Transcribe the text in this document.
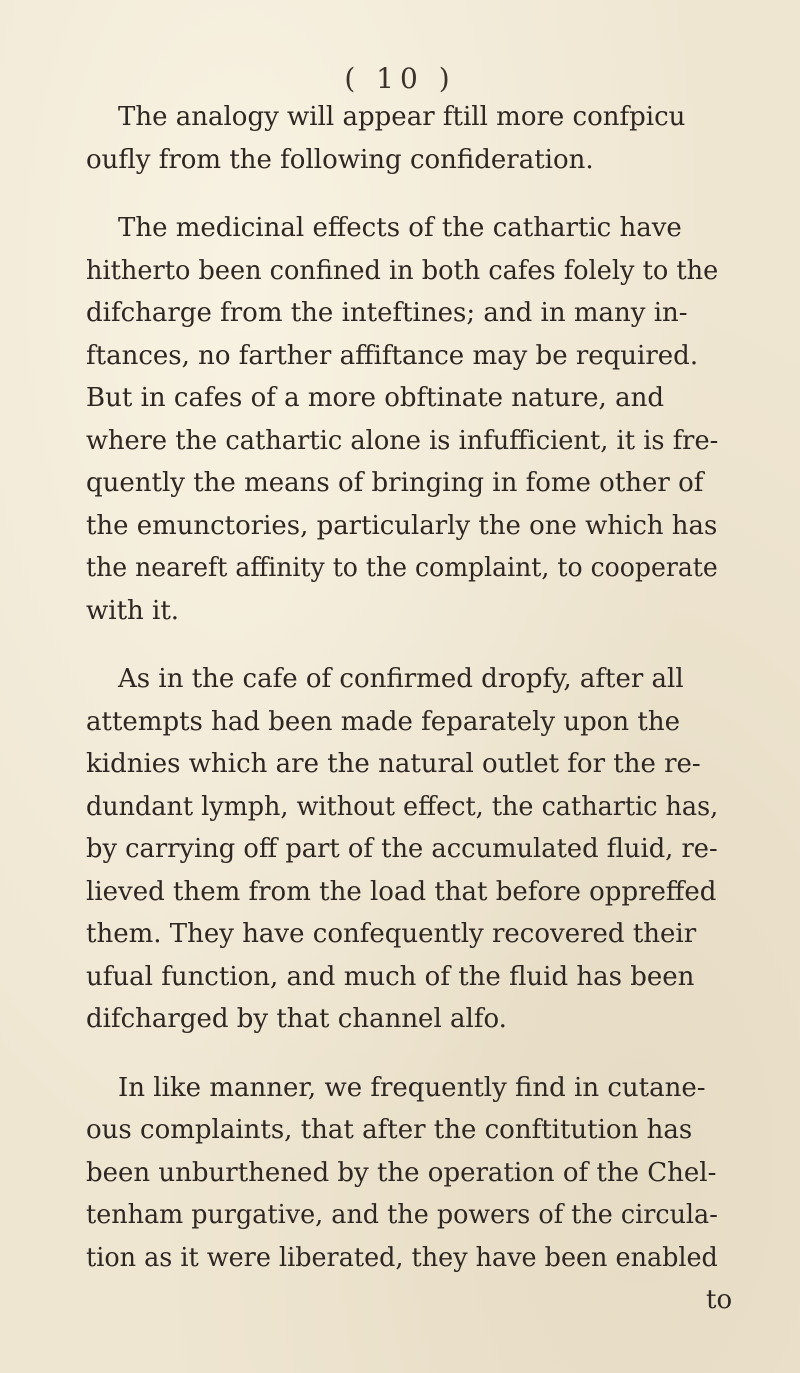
( 10 )
The analogy will appear ftill more confpicu
oufly from the following confideration.
The medicinal effects of the cathartic have
hitherto been confined in both cafes folely to the
difcharge from the inteftines; and in many in-
ftances, no farther affiftance may be required.
But in cafes of a more obftinate nature, and
where the cathartic alone is infufficient, it is fre-
quently the means of bringing in fome other of
the emunctories, particularly the one which has
the neareft affinity to the complaint, to cooperate
with it.
As in the cafe of confirmed dropfy, after all
attempts had been made feparately upon the
kidnies which are the natural outlet for the re-
dundant lymph, without effect, the cathartic has,
by carrying off part of the accumulated fluid, re-
lieved them from the load that before oppreffed
them. They have confequently recovered their
ufual function, and much of the fluid has been
difcharged by that channel alfo.
In like manner, we frequently find in cutane-
ous complaints, that after the conftitution has
been unburthened by the operation of the Chel-
tenham purgative, and the powers of the circula-
tion as it were liberated, they have been enabled
to
